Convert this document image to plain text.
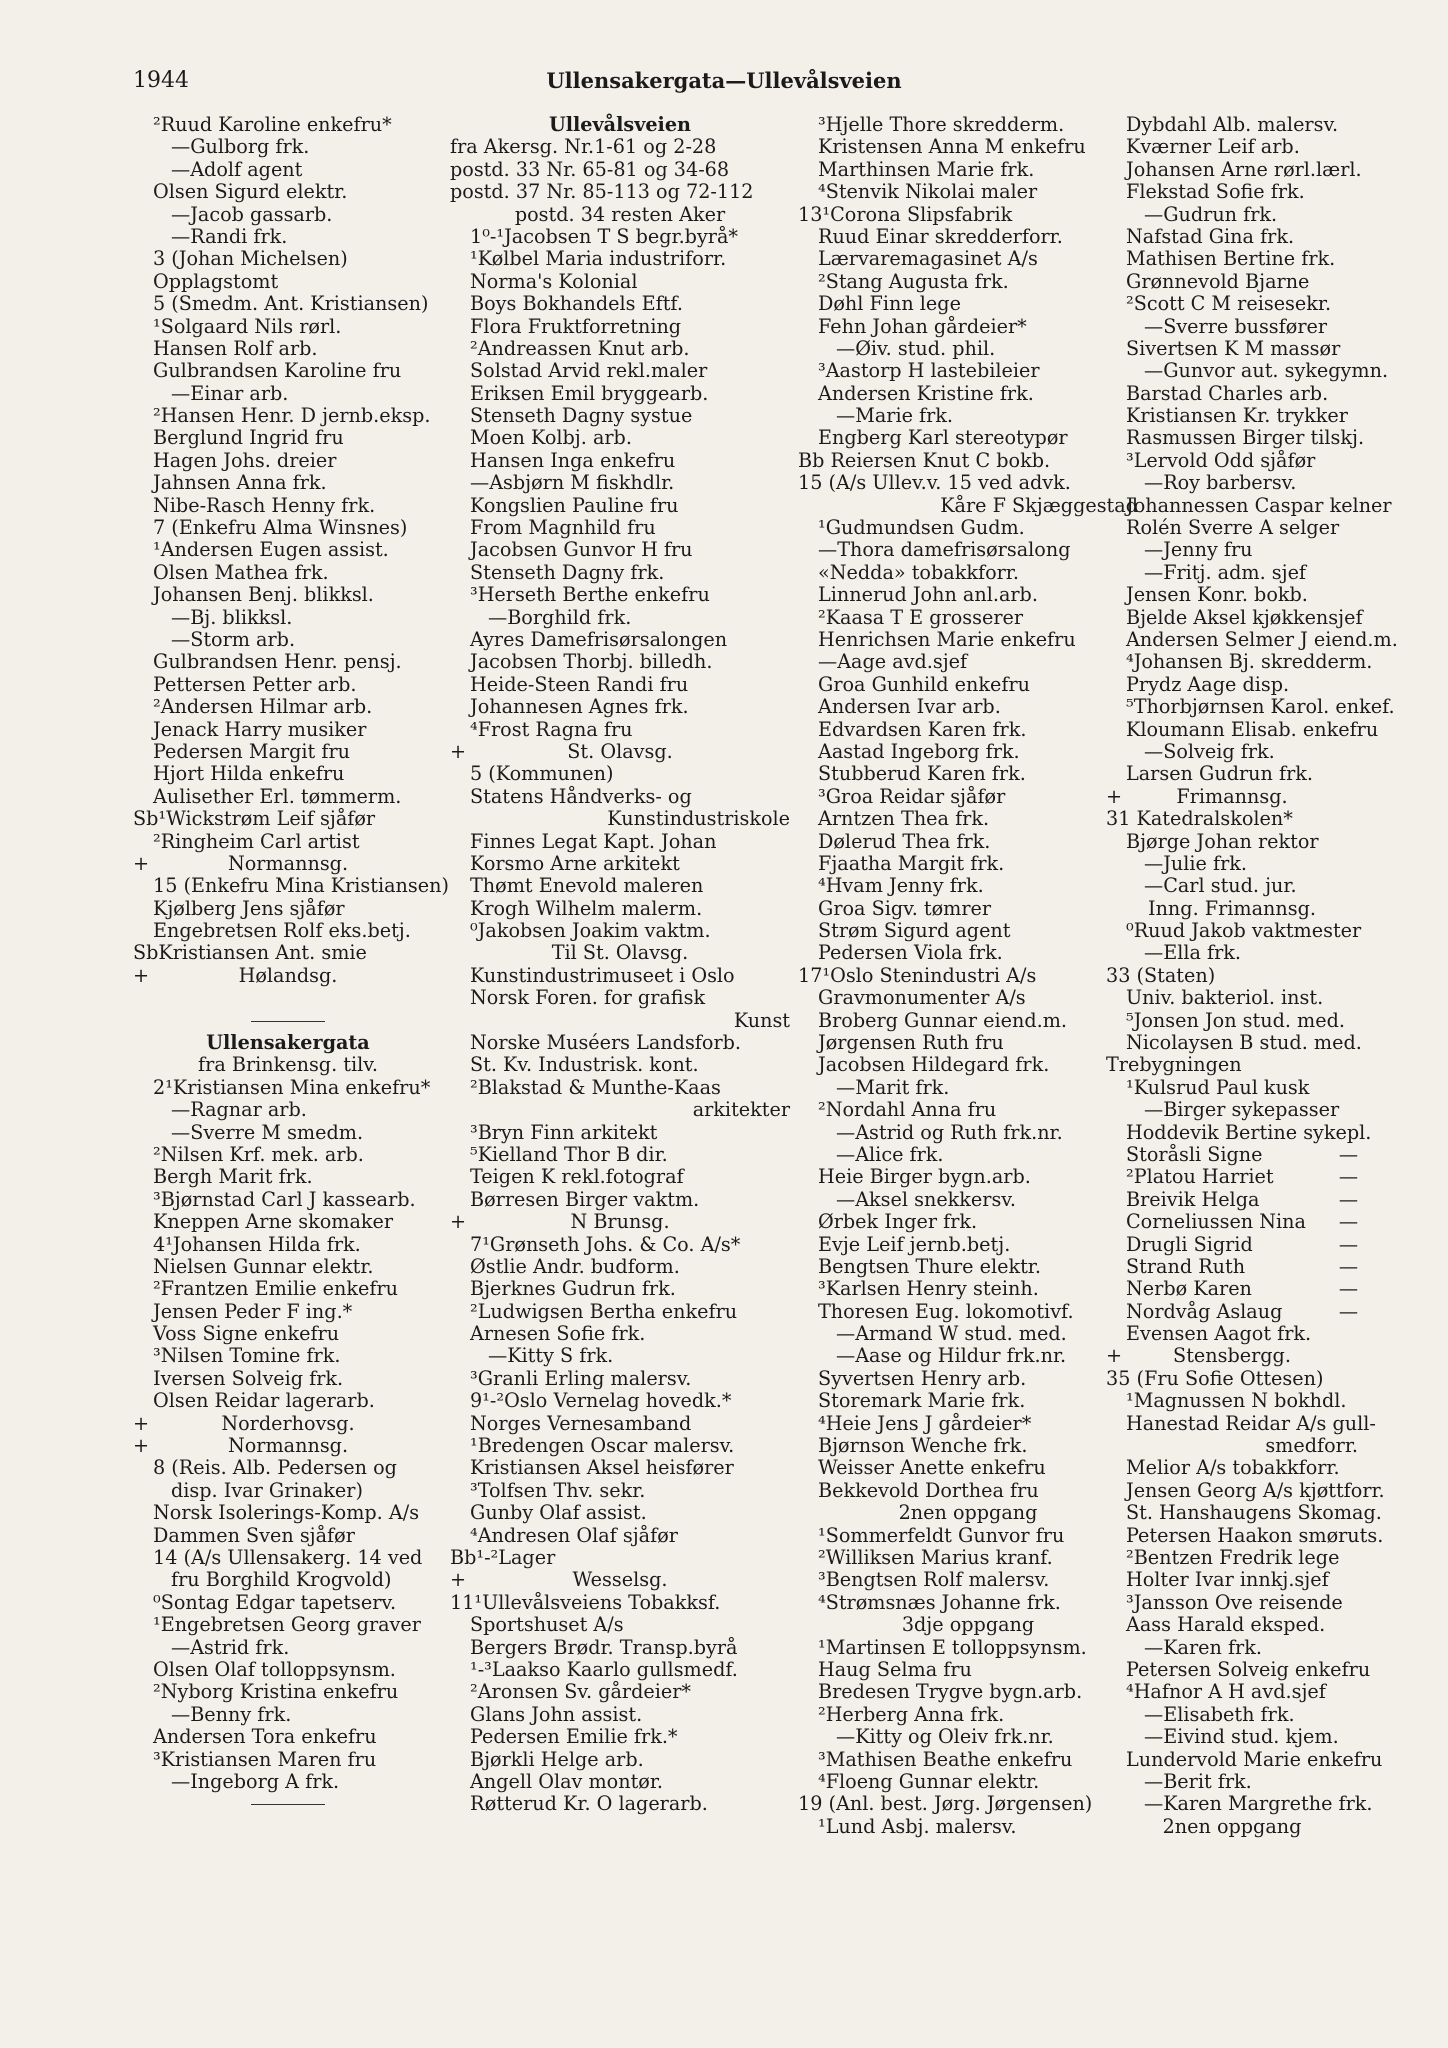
1944	Ullensakergata—Ullevålsveien
²Ruud Karoline enkefru*
—Gulborg frk.
—Adolf agent
Olsen Sigurd elektr.
—Jacob gassarb.
—Randi frk.
3 (Johan Michelsen)
Opplagstomt
5 (Smedm. Ant. Kristiansen)
¹Solgaard Nils rørl.
Hansen Rolf arb.
Gulbrandsen Karoline fru
—Einar arb.
²Hansen Henr. D jernb.eksp.
Berglund Ingrid fru
Hagen Johs. dreier
Jahnsen Anna frk.
Nibe-Rasch Henny frk.
7 (Enkefru Alma Winsnes)
¹Andersen Eugen assist.
Olsen Mathea frk.
Johansen Benj. blikksl.
—Bj. blikksl.
—Storm arb.
Gulbrandsen Henr. pensj.
Pettersen Petter arb.
²Andersen Hilmar arb.
Jenack Harry musiker
Pedersen Margit fru
Hjort Hilda enkefru
Aulisether Erl. tømmerm.
Sb¹Wickstrøm Leif sjåfør
²Ringheim Carl artist
+	Normannsg.
15 (Enkefru Mina Kristiansen)
Kjølberg Jens sjåfør
Engebretsen Rolf eks.betj.
SbKristiansen Ant. smie
+	Hølandsg.
Ullensakergata
fra Brinkensg. tilv.
2¹Kristiansen Mina enkefru*
—Ragnar arb.
—Sverre M smedm.
²Nilsen Krf. mek. arb.
Bergh Marit frk.
³Bjørnstad Carl J kassearb.
Kneppen Arne skomaker
4¹Johansen Hilda frk.
Nielsen Gunnar elektr.
²Frantzen Emilie enkefru
Jensen Peder F ing.*
Voss Signe enkefru
³Nilsen Tomine frk.
Iversen Solveig frk.
Olsen Reidar lagerarb.
+	Norderhovsg.
+	Normannsg.
8 (Reis. Alb. Pedersen og
disp. Ivar Grinaker)
Norsk Isolerings-Komp. A/s
Dammen Sven sjåfør
14 (A/s Ullensakerg. 14 ved
fru Borghild Krogvold)
⁰Sontag Edgar tapetserv.
¹Engebretsen Georg graver
—Astrid frk.
Olsen Olaf tolloppsynsm.
²Nyborg Kristina enkefru
—Benny frk.
Andersen Tora enkefru
³Kristiansen Maren fru
—Ingeborg A frk.
Ullevålsveien
fra Akersg. Nr.1-61 og 2-28
postd. 33 Nr. 65-81 og 34-68
postd. 37 Nr. 85-113 og 72-112
postd. 34 resten Aker
1⁰-¹Jacobsen T S begr.byrå*
¹Kølbel Maria industriforr.
Norma's Kolonial
Boys Bokhandels Eftf.
Flora Fruktforretning
²Andreassen Knut arb.
Solstad Arvid rekl.maler
Eriksen Emil bryggearb.
Stenseth Dagny systue
Moen Kolbj. arb.
Hansen Inga enkefru
—Asbjørn M fiskhdlr.
Kongslien Pauline fru
From Magnhild fru
Jacobsen Gunvor H fru
Stenseth Dagny frk.
³Herseth Berthe enkefru
—Borghild frk.
Ayres Damefrisørsalongen
Jacobsen Thorbj. billedh.
Heide-Steen Randi fru
Johannesen Agnes frk.
⁴Frost Ragna fru
+	St. Olavsg.
5 (Kommunen)
Statens Håndverks- og
Kunstindustriskole
Finnes Legat Kapt. Johan
Korsmo Arne arkitekt
Thømt Enevold maleren
Krogh Wilhelm malerm.
⁰Jakobsen Joakim vaktm.
Til St. Olavsg.
Kunstindustrimuseet i Oslo
Norsk Foren. for grafisk
Kunst
Norske Muséers Landsforb.
St. Kv. Industrisk. kont.
²Blakstad & Munthe-Kaas
arkitekter
³Bryn Finn arkitekt
⁵Kielland Thor B dir.
Teigen K rekl.fotograf
Børresen Birger vaktm.
+	N Brunsg.
7¹Grønseth Johs. & Co. A/s*
Østlie Andr. budform.
Bjerknes Gudrun frk.
²Ludwigsen Bertha enkefru
Arnesen Sofie frk.
—Kitty S frk.
³Granli Erling malersv.
9¹-²Oslo Vernelag hovedk.*
Norges Vernesamband
¹Bredengen Oscar malersv.
Kristiansen Aksel heisfører
³Tolfsen Thv. sekr.
Gunby Olaf assist.
⁴Andresen Olaf sjåfør
Bb¹-²Lager
+	Wesselsg.
11¹Ullevålsveiens Tobakksf.
Sportshuset A/s
Bergers Brødr. Transp.byrå
¹-³Laakso Kaarlo gullsmedf.
²Aronsen Sv. gårdeier*
Glans John assist.
Pedersen Emilie frk.*
Bjørkli Helge arb.
Angell Olav montør.
Røtterud Kr. O lagerarb.
³Hjelle Thore skredderm.
Kristensen Anna M enkefru
Marthinsen Marie frk.
⁴Stenvik Nikolai maler
13¹Corona Slipsfabrik
Ruud Einar skredderforr.
Lærvaremagasinet A/s
²Stang Augusta frk.
Døhl Finn lege
Fehn Johan gårdeier*
—Øiv. stud. phil.
³Aastorp H lastebileier
Andersen Kristine frk.
—Marie frk.
Engberg Karl stereotypør
Bb Reiersen Knut C bokb.
15 (A/s Ullev.v. 15 ved advk.
Kåre F Skjæggestad
¹Gudmundsen Gudm.
—Thora damefrisørsalong
«Nedda» tobakkforr.
Linnerud John anl.arb.
²Kaasa T E grosserer
Henrichsen Marie enkefru
—Aage avd.sjef
Groa Gunhild enkefru
Andersen Ivar arb.
Edvardsen Karen frk.
Aastad Ingeborg frk.
Stubberud Karen frk.
³Groa Reidar sjåfør
Arntzen Thea frk.
Dølerud Thea frk.
Fjaatha Margit frk.
⁴Hvam Jenny frk.
Groa Sigv. tømrer
Strøm Sigurd agent
Pedersen Viola frk.
17¹Oslo Stenindustri A/s
Gravmonumenter A/s
Broberg Gunnar eiend.m.
Jørgensen Ruth fru
Jacobsen Hildegard frk.
—Marit frk.
²Nordahl Anna fru
—Astrid og Ruth frk.nr.
—Alice frk.
Heie Birger bygn.arb.
—Aksel snekkersv.
Ørbek Inger frk.
Evje Leif jernb.betj.
Bengtsen Thure elektr.
³Karlsen Henry steinh.
Thoresen Eug. lokomotivf.
—Armand W stud. med.
—Aase og Hildur frk.nr.
Syvertsen Henry arb.
Storemark Marie frk.
⁴Heie Jens J gårdeier*
Bjørnson Wenche frk.
Weisser Anette enkefru
Bekkevold Dorthea fru
2nen oppgang
¹Sommerfeldt Gunvor fru
²Williksen Marius kranf.
³Bengtsen Rolf malersv.
⁴Strømsnæs Johanne frk.
3dje oppgang
¹Martinsen E tolloppsynsm.
Haug Selma fru
Bredesen Trygve bygn.arb.
²Herberg Anna frk.
—Kitty og Oleiv frk.nr.
³Mathisen Beathe enkefru
⁴Floeng Gunnar elektr.
19 (Anl. best. Jørg. Jørgensen)
¹Lund Asbj. malersv.
Dybdahl Alb. malersv.
Kværner Leif arb.
Johansen Arne rørl.lærl.
Flekstad Sofie frk.
—Gudrun frk.
Nafstad Gina frk.
Mathisen Bertine frk.
Grønnevold Bjarne
²Scott C M reisesekr.
—Sverre bussfører
Sivertsen K M massør
—Gunvor aut. sykegymn.
Barstad Charles arb.
Kristiansen Kr. trykker
Rasmussen Birger tilskj.
³Lervold Odd sjåfør
—Roy barbersv.
Johannessen Caspar kelner
Rolén Sverre A selger
—Jenny fru
—Fritj. adm. sjef
Jensen Konr. bokb.
Bjelde Aksel kjøkkensjef
Andersen Selmer J eiend.m.
⁴Johansen Bj. skredderm.
Prydz Aage disp.
⁵Thorbjørnsen Karol. enkef.
Kloumann Elisab. enkefru
—Solveig frk.
Larsen Gudrun frk.
+	Frimannsg.
31 Katedralskolen*
Bjørge Johan rektor
—Julie frk.
—Carl stud. jur.
Inng. Frimannsg.
⁰Ruud Jakob vaktmester
—Ella frk.
33 (Staten)
Univ. bakteriol. inst.
⁵Jonsen Jon stud. med.
Nicolaysen B stud. med.
Trebygningen
¹Kulsrud Paul kusk
—Birger sykepasser
Hoddevik Bertine sykepl.
Storåsli Signe	—
²Platou Harriet	—
Breivik Helga	—
Corneliussen Nina —
Drugli Sigrid	—
Strand Ruth	—
Nerbø Karen	—
Nordvåg Aslaug	—
Evensen Aagot frk.
+	Stensbergg.
35 (Fru Sofie Ottesen)
¹Magnussen N bokhdl.
Hanestad Reidar A/s gull-
smedforr.
Melior A/s tobakkforr.
Jensen Georg A/s kjøttforr.
St. Hanshaugens Skomag.
Petersen Haakon smøruts.
²Bentzen Fredrik lege
Holter Ivar innkj.sjef
³Jansson Ove reisende
Aass Harald eksped.
—Karen frk.
Petersen Solveig enkefru
⁴Hafnor A H avd.sjef
—Elisabeth frk.
—Eivind stud. kjem.
Lundervold Marie enkefru
—Berit frk.
—Karen Margrethe frk.
2nen oppgang
